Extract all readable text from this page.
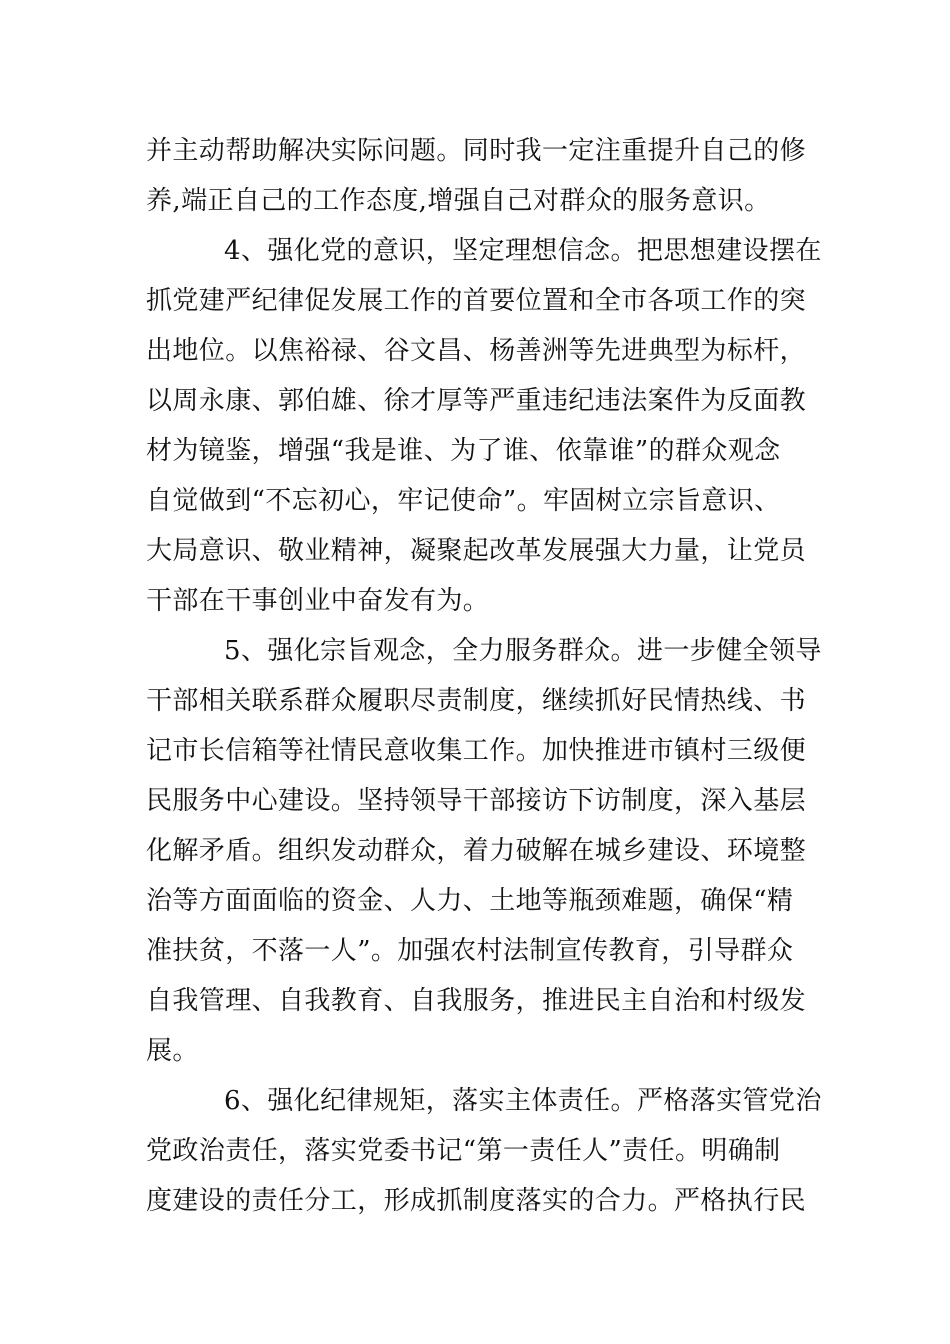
并主动帮助解决实际问题。同时我一定注重提升自己的修
养,端正自己的工作态度,增强自己对群众的服务意识。
4、强化党的意识，坚定理想信念。把思想建设摆在
抓党建严纪律促发展工作的首要位置和全市各项工作的突
出地位。以焦裕禄、谷文昌、杨善洲等先进典型为标杆，
以周永康、郭伯雄、徐才厚等严重违纪违法案件为反面教
材为镜鉴，增强“我是谁、为了谁、依靠谁”的群众观念
自觉做到“不忘初心，牢记使命”。牢固树立宗旨意识、
大局意识、敬业精神，凝聚起改革发展强大力量，让党员
干部在干事创业中奋发有为。
5、强化宗旨观念，全力服务群众。进一步健全领导
干部相关联系群众履职尽责制度，继续抓好民情热线、书
记市长信箱等社情民意收集工作。加快推进市镇村三级便
民服务中心建设。坚持领导干部接访下访制度，深入基层
化解矛盾。组织发动群众，着力破解在城乡建设、环境整
治等方面面临的资金、人力、土地等瓶颈难题，确保“精
准扶贫，不落一人”。加强农村法制宣传教育，引导群众
自我管理、自我教育、自我服务，推进民主自治和村级发
展。
6、强化纪律规矩，落实主体责任。严格落实管党治
党政治责任，落实党委书记“第一责任人”责任。明确制
度建设的责任分工，形成抓制度落实的合力。严格执行民
